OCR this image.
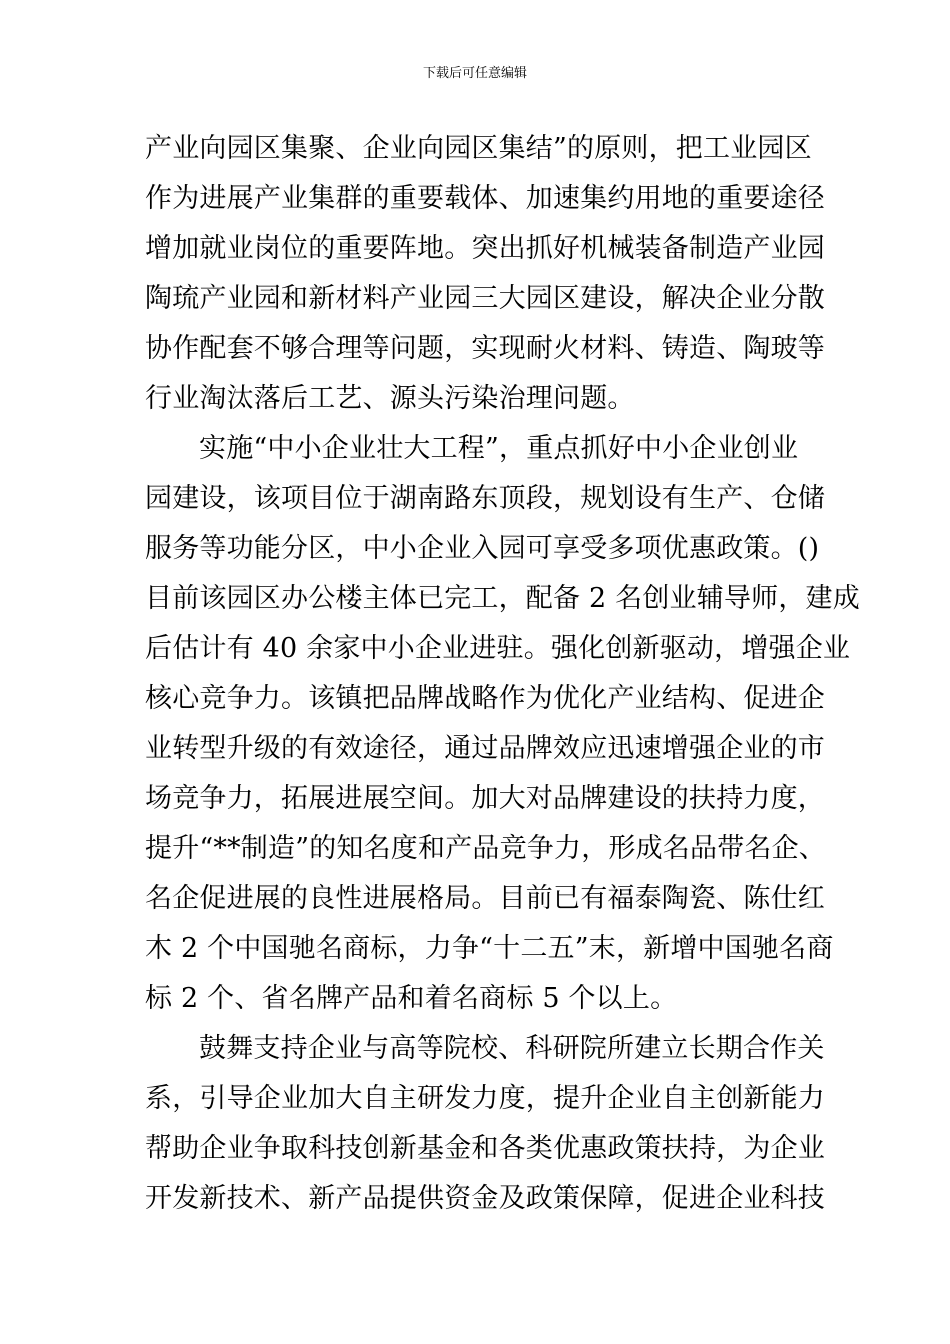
下载后可任意编辑
产业向园区集聚、企业向园区集结”的原则，把工业园区
作为进展产业集群的重要载体、加速集约用地的重要途径
增加就业岗位的重要阵地。突出抓好机械装备制造产业园
陶琉产业园和新材料产业园三大园区建设，解决企业分散
协作配套不够合理等问题，实现耐火材料、铸造、陶玻等
行业淘汰落后工艺、源头污染治理问题。
实施“中小企业壮大工程”，重点抓好中小企业创业
园建设，该项目位于湖南路东顶段，规划设有生产、仓储
服务等功能分区，中小企业入园可享受多项优惠政策。()
目前该园区办公楼主体已完工，配备 2 名创业辅导师，建成
后估计有 40 余家中小企业进驻。强化创新驱动，增强企业
核心竞争力。该镇把品牌战略作为优化产业结构、促进企
业转型升级的有效途径，通过品牌效应迅速增强企业的市
场竞争力，拓展进展空间。加大对品牌建设的扶持力度，
提升“**制造”的知名度和产品竞争力，形成名品带名企、
名企促进展的良性进展格局。目前已有福泰陶瓷、陈仕红
木 2 个中国驰名商标，力争“十二五”末，新增中国驰名商
标 2 个、省名牌产品和着名商标 5 个以上。
鼓舞支持企业与高等院校、科研院所建立长期合作关
系，引导企业加大自主研发力度，提升企业自主创新能力
帮助企业争取科技创新基金和各类优惠政策扶持，为企业
开发新技术、新产品提供资金及政策保障，促进企业科技
